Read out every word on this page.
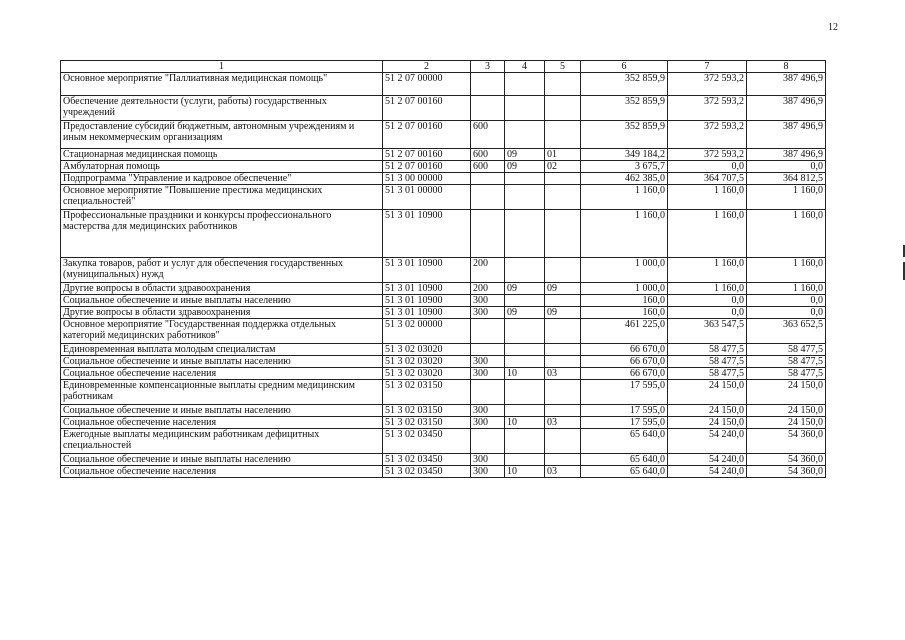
12
1	2	3	4	5	6	7	8
Основное мероприятие "Паллиативная медицинская помощь"	51 2 07 00000				352 859,9	372 593,2	387 496,9
Обеспечение деятельности (услуги, работы) государственных учреждений	51 2 07 00160				352 859,9	372 593,2	387 496,9
Предоставление субсидий бюджетным, автономным учреждениям и иным некоммерческим организациям	51 2 07 00160	600			352 859,9	372 593,2	387 496,9
Стационарная медицинская помощь	51 2 07 00160	600	09	01	349 184,2	372 593,2	387 496,9
Амбулаторная помощь	51 2 07 00160	600	09	02	3 675,7	0,0	0,0
Подпрограмма "Управление и кадровое обеспечение"	51 3 00 00000				462 385,0	364 707,5	364 812,5
Основное мероприятие "Повышение престижа медицинских специальностей"	51 3 01 00000				1 160,0	1 160,0	1 160,0
Профессиональные праздники и конкурсы профессионального мастерства для медицинских работников	51 3 01 10900				1 160,0	1 160,0	1 160,0
Закупка товаров, работ и услуг для обеспечения государственных (муниципальных) нужд	51 3 01 10900	200			1 000,0	1 160,0	1 160,0
Другие вопросы в области здравоохранения	51 3 01 10900	200	09	09	1 000,0	1 160,0	1 160,0
Социальное обеспечение и иные выплаты населению	51 3 01 10900	300			160,0	0,0	0,0
Другие вопросы в области здравоохранения	51 3 01 10900	300	09	09	160,0	0,0	0,0
Основное мероприятие "Государственная поддержка отдельных категорий медицинских работников"	51 3 02 00000				461 225,0	363 547,5	363 652,5
Единовременная выплата молодым специалистам	51 3 02 03020				66 670,0	58 477,5	58 477,5
Социальное обеспечение и иные выплаты населению	51 3 02 03020	300			66 670,0	58 477,5	58 477,5
Социальное обеспечение населения	51 3 02 03020	300	10	03	66 670,0	58 477,5	58 477,5
Единовременные компенсационные выплаты средним медицинским работникам	51 3 02 03150				17 595,0	24 150,0	24 150,0
Социальное обеспечение и иные выплаты населению	51 3 02 03150	300			17 595,0	24 150,0	24 150,0
Социальное обеспечение населения	51 3 02 03150	300	10	03	17 595,0	24 150,0	24 150,0
Ежегодные выплаты медицинским работникам дефицитных специальностей	51 3 02 03450				65 640,0	54 240,0	54 360,0
Социальное обеспечение и иные выплаты населению	51 3 02 03450	300			65 640,0	54 240,0	54 360,0
Социальное обеспечение населения	51 3 02 03450	300	10	03	65 640,0	54 240,0	54 360,0
